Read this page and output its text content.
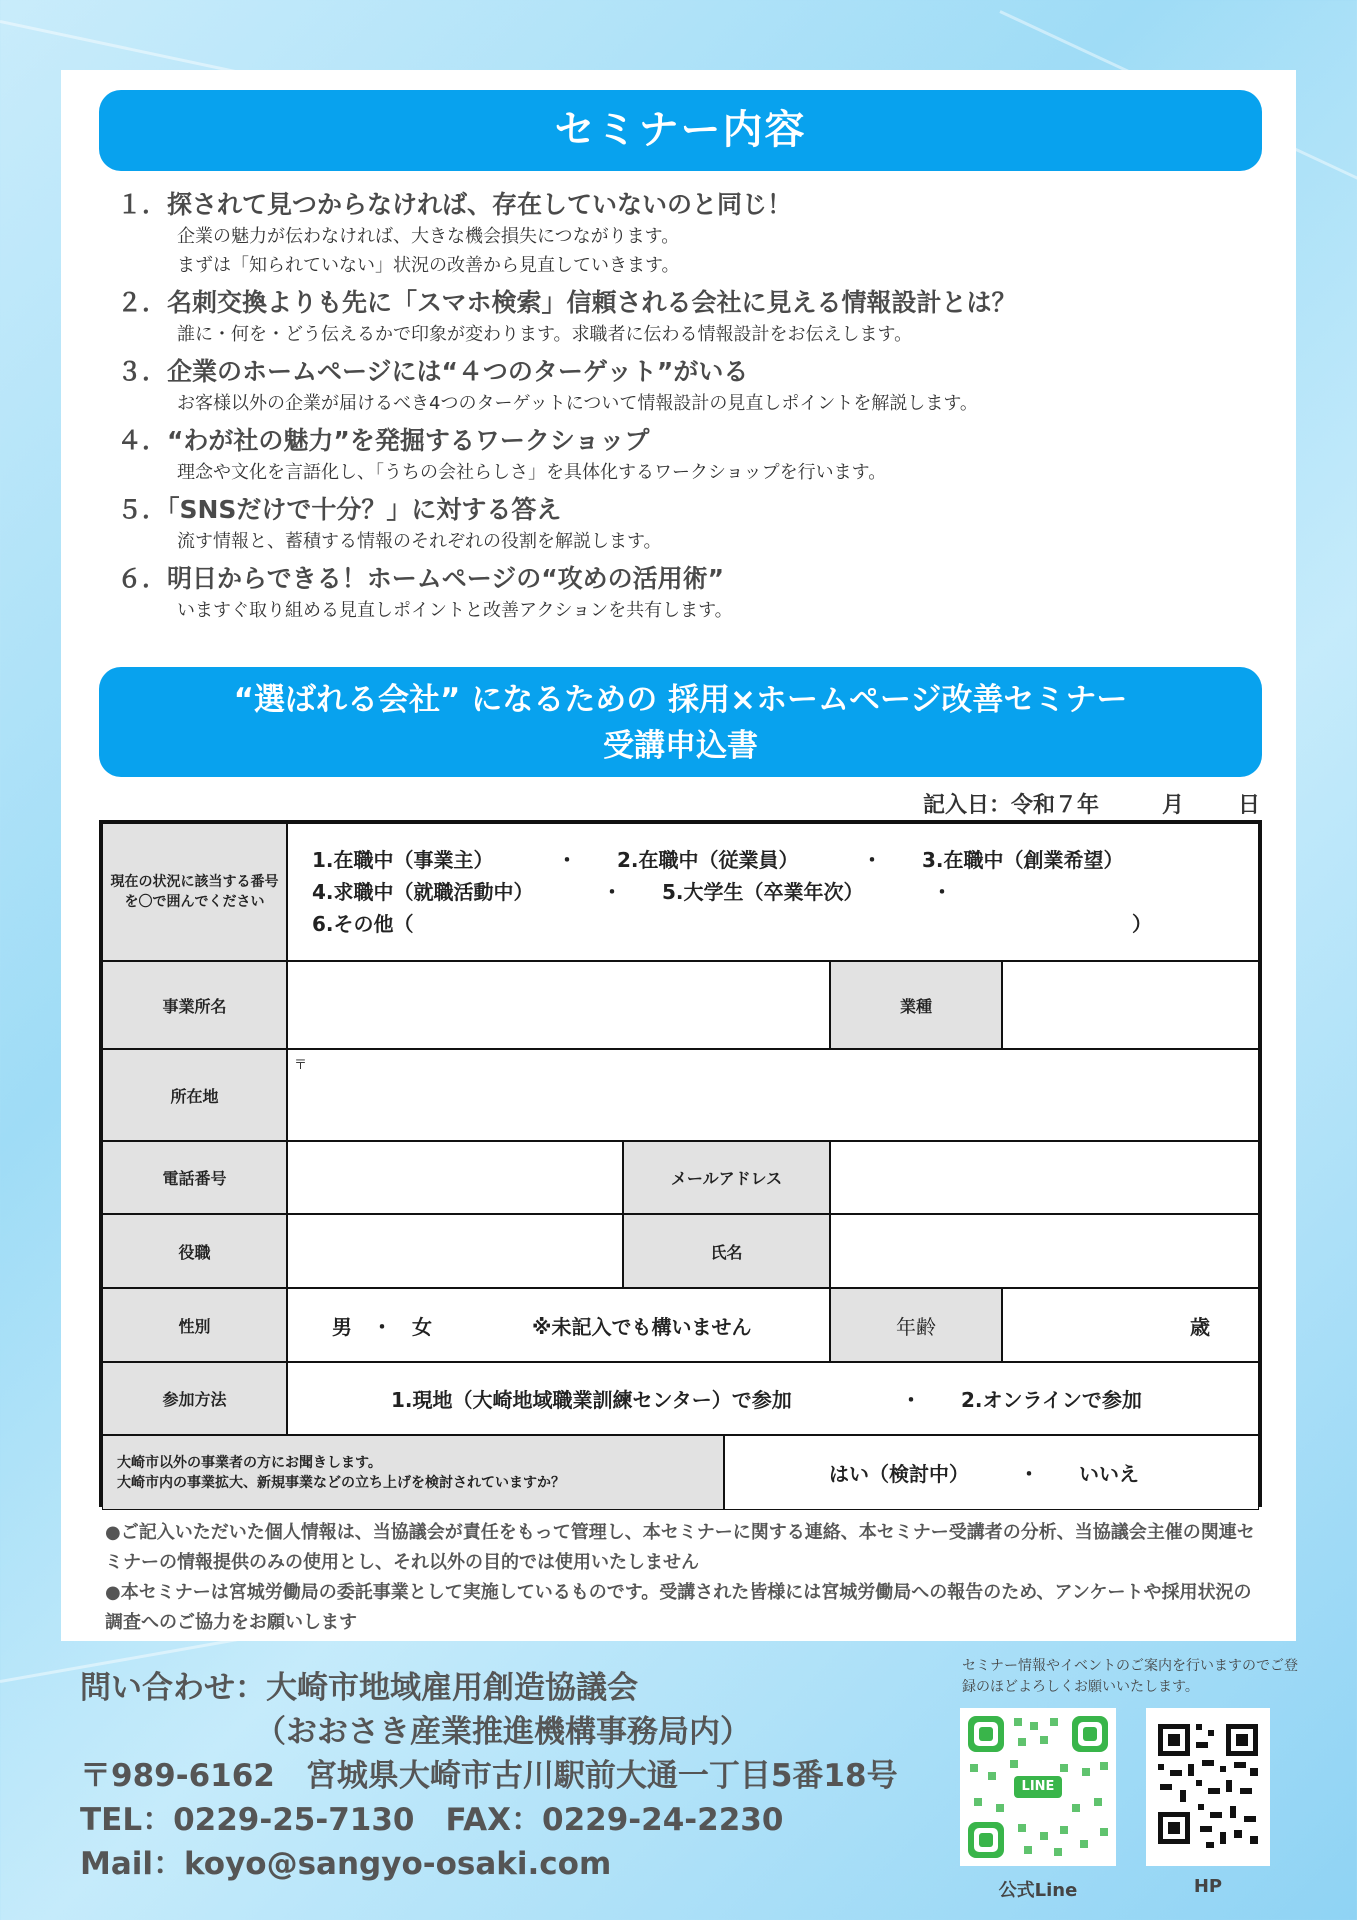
セミナー内容
１．探されて見つからなければ、存在していないのと同じ！
企業の魅力が伝わなければ、大きな機会損失につながります。
まずは「知られていない」状況の改善から見直していきます。
２．名刺交換よりも先に「スマホ検索」信頼される会社に見える情報設計とは？
誰に・何を・どう伝えるかで印象が変わります。求職者に伝わる情報設計をお伝えします。
３．企業のホームページには“４つのターゲット”がいる
お客様以外の企業が届けるべき4つのターゲットについて情報設計の見直しポイントを解説します。
４．“わが社の魅力”を発掘するワークショップ
理念や文化を言語化し、「うちの会社らしさ」を具体化するワークショップを行います。
５．「SNSだけで十分？」に対する答え
流す情報と、蓄積する情報のそれぞれの役割を解説します。
６．明日からできる！ホームページの“攻めの活用術”
いますぐ取り組める見直しポイントと改善アクションを共有します。
“選ばれる会社” になるための 採用×ホームページ改善セミナー
受講申込書
記入日：令和７年	月	日
現在の状況に該当する番号を〇で囲んでください
1.在職中（事業主）	・	2.在職中（従業員）	・	3.在職中（創業希望）
4.求職中（就職活動中）	・	5.大学生（卒業年次）	・
6.その他（	）
事業所名	業種
所在地
〒
電話番号	メールアドレス
役職	氏名
性別	男　・　女	※未記入でも構いません	年齢	歳
参加方法	1.現地（大崎地域職業訓練センター）で参加	・	2.オンラインで参加
大崎市以外の事業者の方にお聞きします。
大崎市内の事業拡大、新規事業などの立ち上げを検討されていますか？	はい（検討中）	・	いいえ
●ご記入いただいた個人情報は、当協議会が責任をもって管理し、本セミナーに関する連絡、本セミナー受講者の分析、当協議会主催の関連セミナーの情報提供のみの使用とし、それ以外の目的では使用いたしません
●本セミナーは宮城労働局の委託事業として実施しているものです。受講された皆様には宮城労働局への報告のため、アンケートや採用状況の調査へのご協力をお願いします
問い合わせ：大崎市地域雇用創造協議会
（おおさき産業推進機構事務局内）
〒989-6162　宮城県大崎市古川駅前大通一丁目5番18号
TEL：0229-25-7130　FAX：0229-24-2230
Mail：koyo@sangyo-osaki.com
セミナー情報やイベントのご案内を行いますのでご登録のほどよろしくお願いいたします。
LINE
公式Line	HP
